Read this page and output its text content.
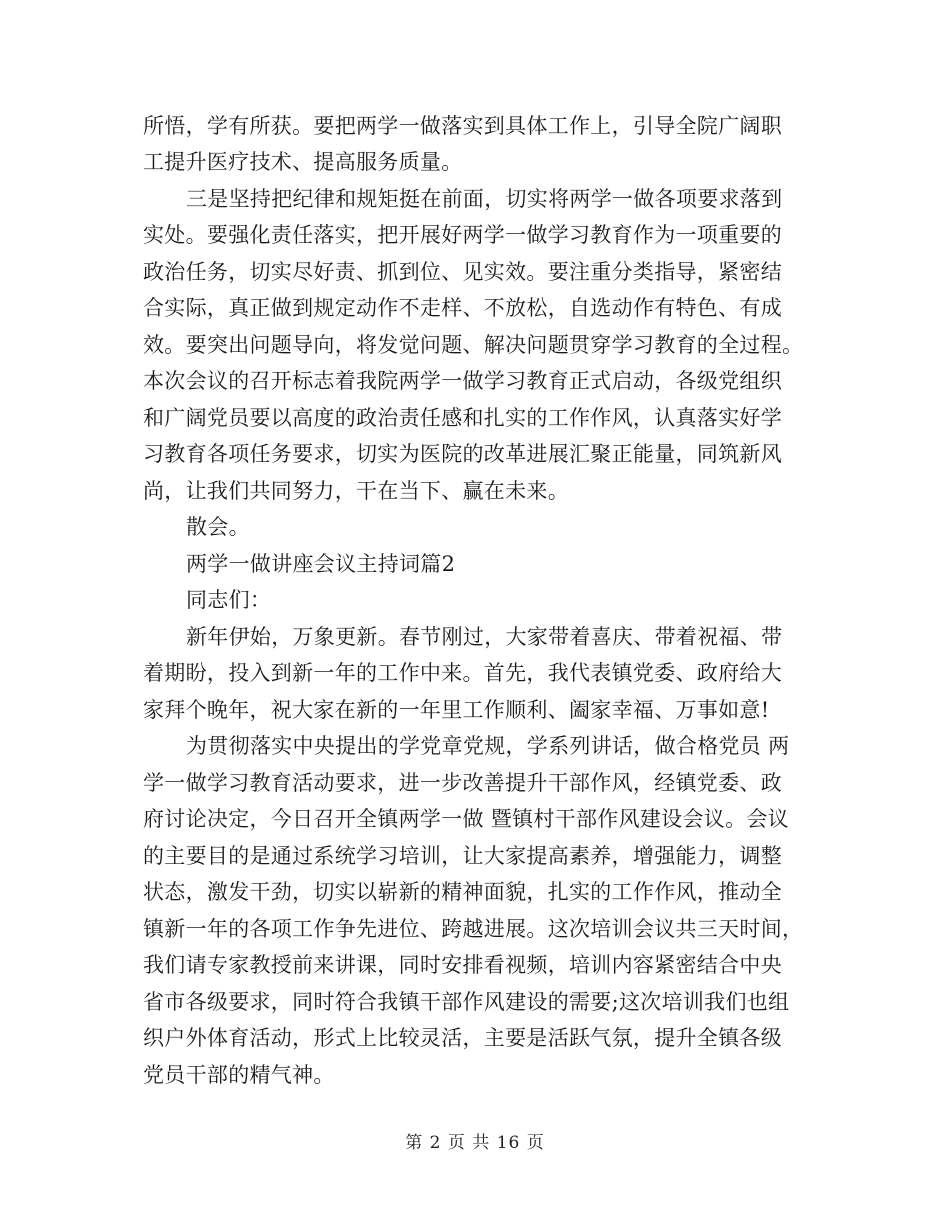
所悟，学有所获。要把两学一做落实到具体工作上，引导全院广阔职
工提升医疗技术、提高服务质量。
三是坚持把纪律和规矩挺在前面，切实将两学一做各项要求落到
实处。要强化责任落实，把开展好两学一做学习教育作为一项重要的
政治任务，切实尽好责、抓到位、见实效。要注重分类指导，紧密结
合实际，真正做到规定动作不走样、不放松，自选动作有特色、有成
效。要突出问题导向，将发觉问题、解决问题贯穿学习教育的全过程。
本次会议的召开标志着我院两学一做学习教育正式启动，各级党组织
和广阔党员要以高度的政治责任感和扎实的工作作风，认真落实好学
习教育各项任务要求，切实为医院的改革进展汇聚正能量，同筑新风
尚，让我们共同努力，干在当下、赢在未来。
散会。
两学一做讲座会议主持词篇2
同志们：
新年伊始，万象更新。春节刚过，大家带着喜庆、带着祝福、带
着期盼，投入到新一年的工作中来。首先，我代表镇党委、政府给大
家拜个晚年，祝大家在新的一年里工作顺利、阖家幸福、万事如意!
为贯彻落实中央提出的学党章党规，学系列讲话，做合格党员 两
学一做学习教育活动要求，进一步改善提升干部作风，经镇党委、政
府讨论决定，今日召开全镇两学一做 暨镇村干部作风建设会议。会议
的主要目的是通过系统学习培训，让大家提高素养，增强能力，调整
状态，激发干劲，切实以崭新的精神面貌，扎实的工作作风，推动全
镇新一年的各项工作争先进位、跨越进展。这次培训会议共三天时间，
我们请专家教授前来讲课，同时安排看视频，培训内容紧密结合中央
省市各级要求，同时符合我镇干部作风建设的需要;这次培训我们也组
织户外体育活动，形式上比较灵活，主要是活跃气氛，提升全镇各级
党员干部的精气神。
第 2 页 共 16 页
